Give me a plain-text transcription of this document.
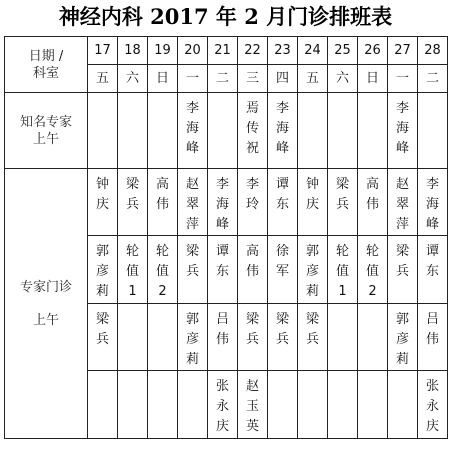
神经内科 2017 年 2 月门诊排班表
日期 /
科室	17	18	19	20	21	22	23	24	25	26	27	28
	五	六	日	一	二	三	四	五	六	日	一	二

知名专家
上午				李海峰		焉传祝	李海峰				李海峰	

专家门诊
上午	钟庆	梁兵	高伟	赵翠萍	李海峰	李玲	谭东	钟庆	梁兵	高伟	赵翠萍	李海峰
	郭彦莉	轮值1	轮值2	梁兵	谭东	高伟	徐军	郭彦莉	轮值1	轮值2	梁兵	谭东
	梁兵			郭彦莉	吕伟	梁兵	梁兵	梁兵			郭彦莉	吕伟
					张永庆	赵玉英						张永庆
